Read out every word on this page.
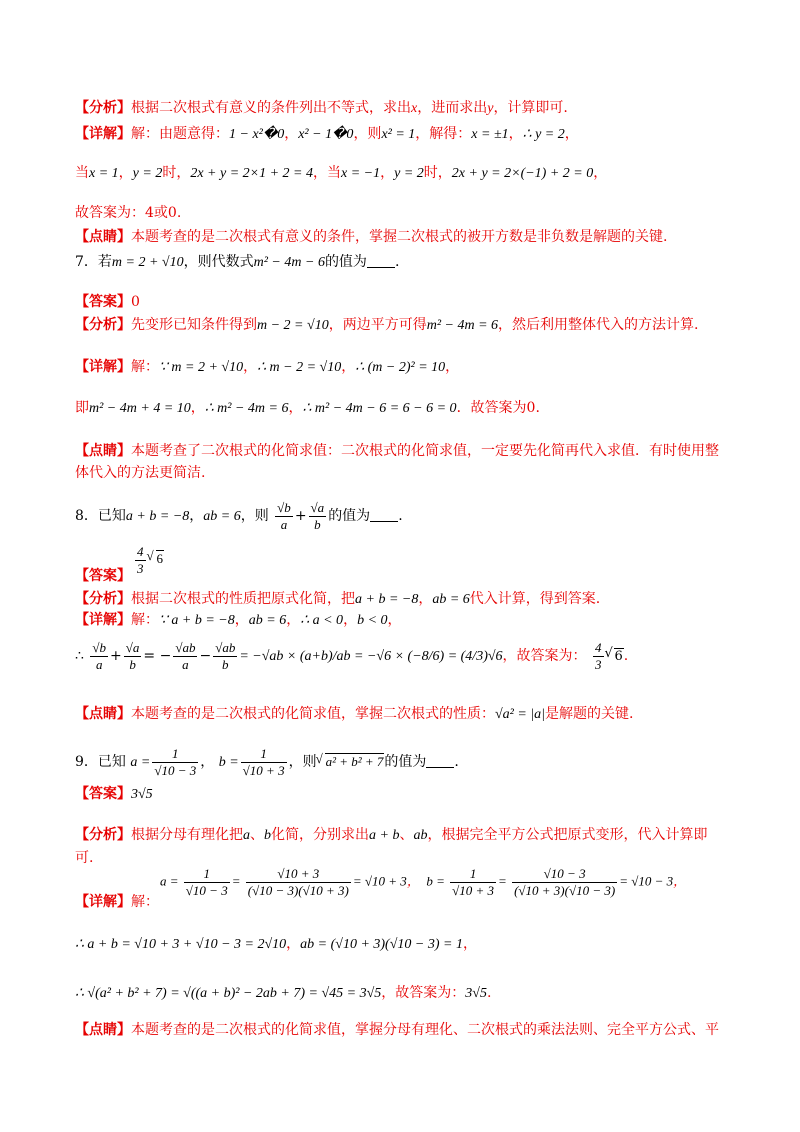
【分析】根据二次根式有意义的条件列出不等式，求出x，进而求出y，计算即可.
【详解】解：由题意得：1 − x²�0，x² − 1�0，则x² = 1，解得：x = ±1，∴ y = 2，
当x = 1，y = 2时，2x + y = 2×1 + 2 = 4，当x = −1，y = 2时，2x + y = 2×(−1) + 2 = 0，
故答案为：4或0.
【点睛】本题考查的是二次根式有意义的条件，掌握二次根式的被开方数是非负数是解题的关键.
7．若m = 2 + √10，则代数式m² − 4m − 6的值为 .
【答案】0
【分析】先变形已知条件得到m − 2 = √10，两边平方可得m² − 4m = 6，然后利用整体代入的方法计算.
【详解】解：∵ m = 2 + √10，∴ m − 2 = √10，∴ (m − 2)² = 10，
即m² − 4m + 4 = 10，∴ m² − 4m = 6，∴ m² − 4m − 6 = 6 − 6 = 0．故答案为0.
【点睛】本题考查了二次根式的化简求值：二次根式的化简求值，一定要先化简再代入求值．有时使用整
体代入的方法更简洁.
8．已知a + b = −8，ab = 6，则 $\frac{√b}{a} + \frac{√a}{b}$ 的值为 .
【答案】 $\frac{4}{3}$ √ 6
【分析】根据二次根式的性质把原式化简，把a + b = −8，ab = 6代入计算，得到答案.
【详解】解：∵ a + b = −8，ab = 6，∴ a < 0，b < 0，
∴ $\frac{√b}{a} + \frac{√a}{b}$ = − $\frac{√ab}{a} - \frac{√ab}{b} = -√ab \times (a+b)/ab = -√6 \times (-8/6) = (4/3)√6$，故答案为： $\frac{4}{3}$ √ 6.
【点睛】本题考查的是二次根式的化简求值，掌握二次根式的性质：√a² = |a|是解题的关键.
9．已知 $a = \frac{1}{√10 - 3}$ ， $b = \frac{1}{√10 + 3}$ ，则 √ a² + b² + 7的值为 .
【答案】3√5
【分析】根据分母有理化把a、b化简，分别求出a + b、ab，根据完全平方公式把原式变形，代入计算即
可.
【详解】解：
$a = \frac{1}{√10 - 3} = \frac{√10 + 3}{(√10 - 3)(√10 + 3)} = √10 + 3$，  $b = \frac{1}{√10 + 3} = \frac{√10 - 3}{(√10 + 3)(√10 - 3)} = √10 - 3$，
∴ a + b = √10 + 3 + √10 − 3 = 2√10，ab = (√10 + 3)(√10 − 3) = 1，
∴ √(a² + b² + 7) = √((a + b)² − 2ab + 7) = √45 = 3√5，故答案为：3√5.
【点睛】本题考查的是二次根式的化简求值，掌握分母有理化、二次根式的乘法法则、完全平方公式、平
